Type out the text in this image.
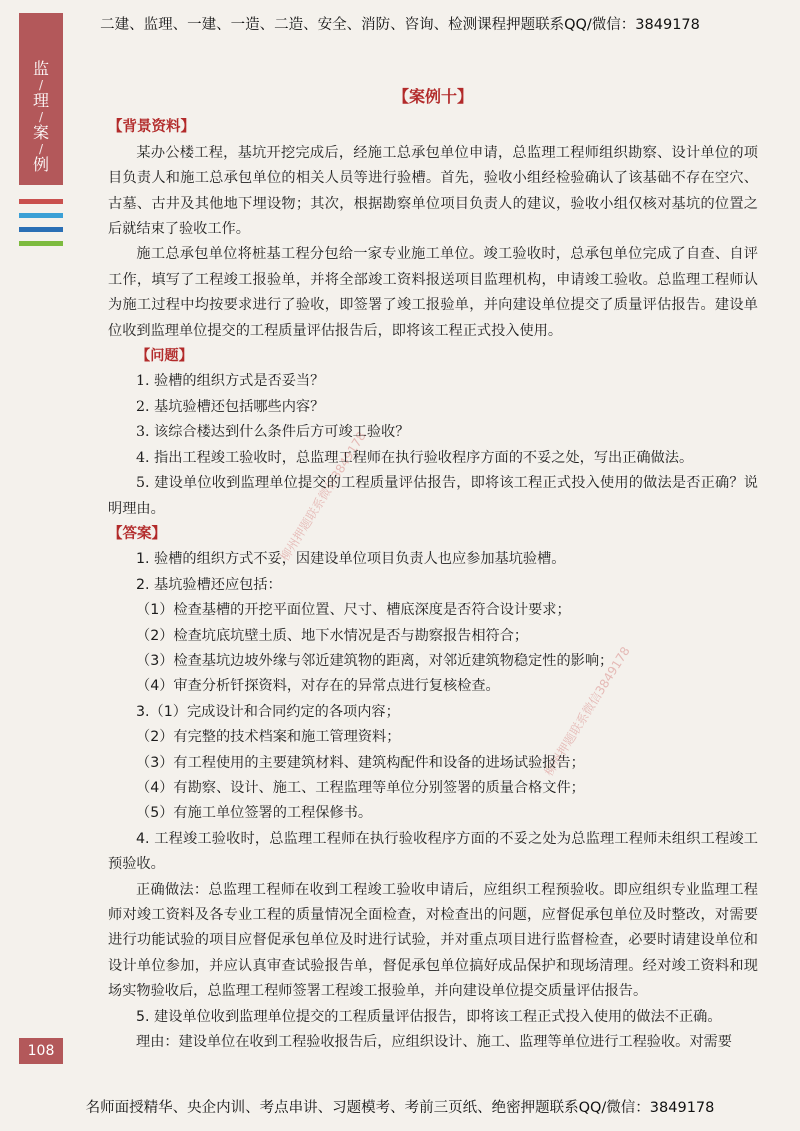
二建、监理、一建、一造、二造、安全、消防、咨询、检测课程押题联系QQ/微信：3849178
监
/
理
/
案
/
例
柳州押题联系微信3849178
柳州押题联系微信3849178
【案例十】
【背景资料】

某办公楼工程，基坑开挖完成后，经施工总承包单位申请，总监理工程师组织勘察、设计单位的项目负责人和施工总承包单位的相关人员等进行验槽。首先，验收小组经检验确认了该基础不存在空穴、古墓、古井及其他地下埋设物；其次，根据勘察单位项目负责人的建议，验收小组仅核对基坑的位置之后就结束了验收工作。

施工总承包单位将桩基工程分包给一家专业施工单位。竣工验收时，总承包单位完成了自查、自评工作，填写了工程竣工报验单，并将全部竣工资料报送项目监理机构，申请竣工验收。总监理工程师认为施工过程中均按要求进行了验收，即签署了竣工报验单，并向建设单位提交了质量评估报告。建设单位收到监理单位提交的工程质量评估报告后，即将该工程正式投入使用。

【问题】

1. 验槽的组织方式是否妥当？

2. 基坑验槽还包括哪些内容？

3. 该综合楼达到什么条件后方可竣工验收？

4. 指出工程竣工验收时，总监理工程师在执行验收程序方面的不妥之处，写出正确做法。

5. 建设单位收到监理单位提交的工程质量评估报告，即将该工程正式投入使用的做法是否正确？说明理由。

【答案】

1. 验槽的组织方式不妥，因建设单位项目负责人也应参加基坑验槽。

2. 基坑验槽还应包括：

（1）检查基槽的开挖平面位置、尺寸、槽底深度是否符合设计要求；

（2）检查坑底坑壁土质、地下水情况是否与勘察报告相符合；

（3）检查基坑边坡外缘与邻近建筑物的距离，对邻近建筑物稳定性的影响；

（4）审查分析钎探资料，对存在的异常点进行复核检查。

3.（1）完成设计和合同约定的各项内容；

（2）有完整的技术档案和施工管理资料；

（3）有工程使用的主要建筑材料、建筑构配件和设备的进场试验报告；

（4）有勘察、设计、施工、工程监理等单位分别签署的质量合格文件；

（5）有施工单位签署的工程保修书。

4. 工程竣工验收时，总监理工程师在执行验收程序方面的不妥之处为总监理工程师未组织工程竣工预验收。

正确做法：总监理工程师在收到工程竣工验收申请后，应组织工程预验收。即应组织专业监理工程师对竣工资料及各专业工程的质量情况全面检查，对检查出的问题，应督促承包单位及时整改，对需要进行功能试验的项目应督促承包单位及时进行试验，并对重点项目进行监督检查，必要时请建设单位和设计单位参加，并应认真审查试验报告单，督促承包单位搞好成品保护和现场清理。经对竣工资料和现场实物验收后，总监理工程师签署工程竣工报验单，并向建设单位提交质量评估报告。

5. 建设单位收到监理单位提交的工程质量评估报告，即将该工程正式投入使用的做法不正确。

理由：建设单位在收到工程验收报告后，应组织设计、施工、监理等单位进行工程验收。对需要

108
名师面授精华、央企内训、考点串讲、习题模考、考前三页纸、绝密押题联系QQ/微信：3849178
